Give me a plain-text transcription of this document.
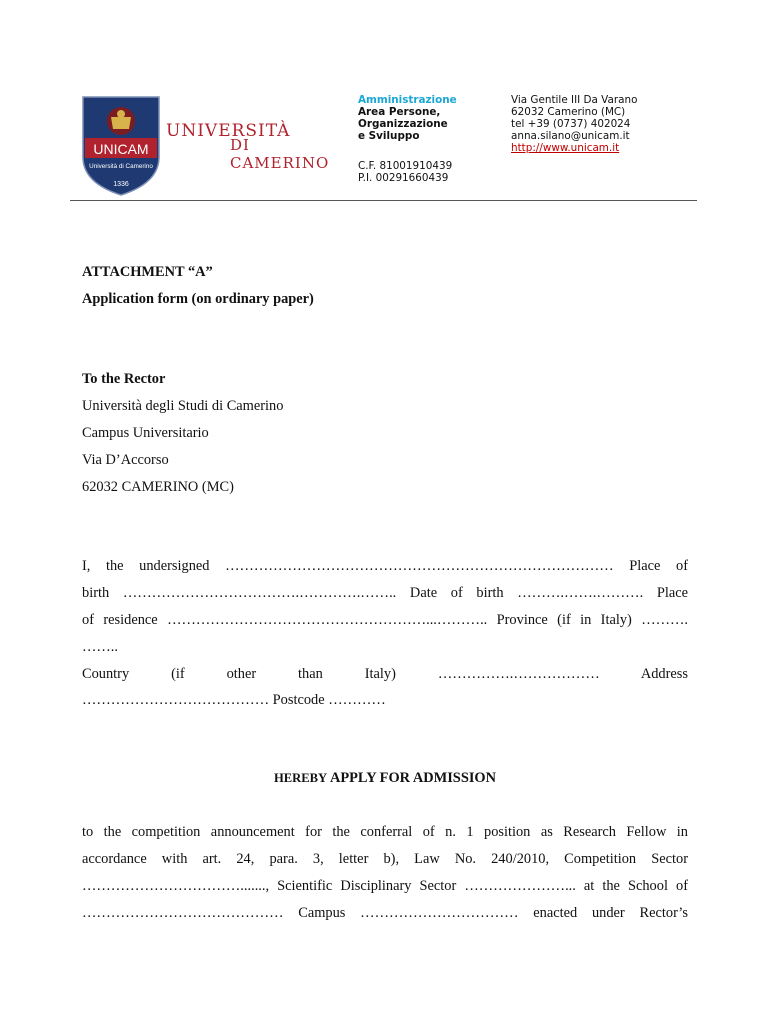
UNICAM
Università di Camerino
1336
UNIVERSITÀ
DI CAMERINO
Amministrazione
Area Persone,
Organizzazione
e Sviluppo
C.F. 81001910439
P.I. 00291660439
Via Gentile III Da Varano
62032 Camerino (MC)
tel +39 (0737) 402024
anna.silano@unicam.it
http://www.unicam.it
ATTACHMENT “A”
Application form (on ordinary paper)
To the Rector
Università degli Studi di Camerino
Campus Universitario
Via D’Accorso
62032 CAMERINO (MC)
I, the undersigned ……………………………………………………………………… Place of
birth ……………………………….………….…….. Date of birth ……….…….………. Place
of residence ………………………………………………...……….. Province (if in Italy) ……….
……..
Country (if other than Italy) …………….……………… Address
………………………………… Postcode …………
HEREBY APPLY FOR ADMISSION
to the competition announcement for the conferral of n. 1 position as Research Fellow in
accordance with art. 24, para. 3, letter b), Law No. 240/2010, Competition Sector
……………………………......., Scientific Disciplinary Sector …………………... at the School of
…………………………………… Campus …………………………… enacted under Rector’s
